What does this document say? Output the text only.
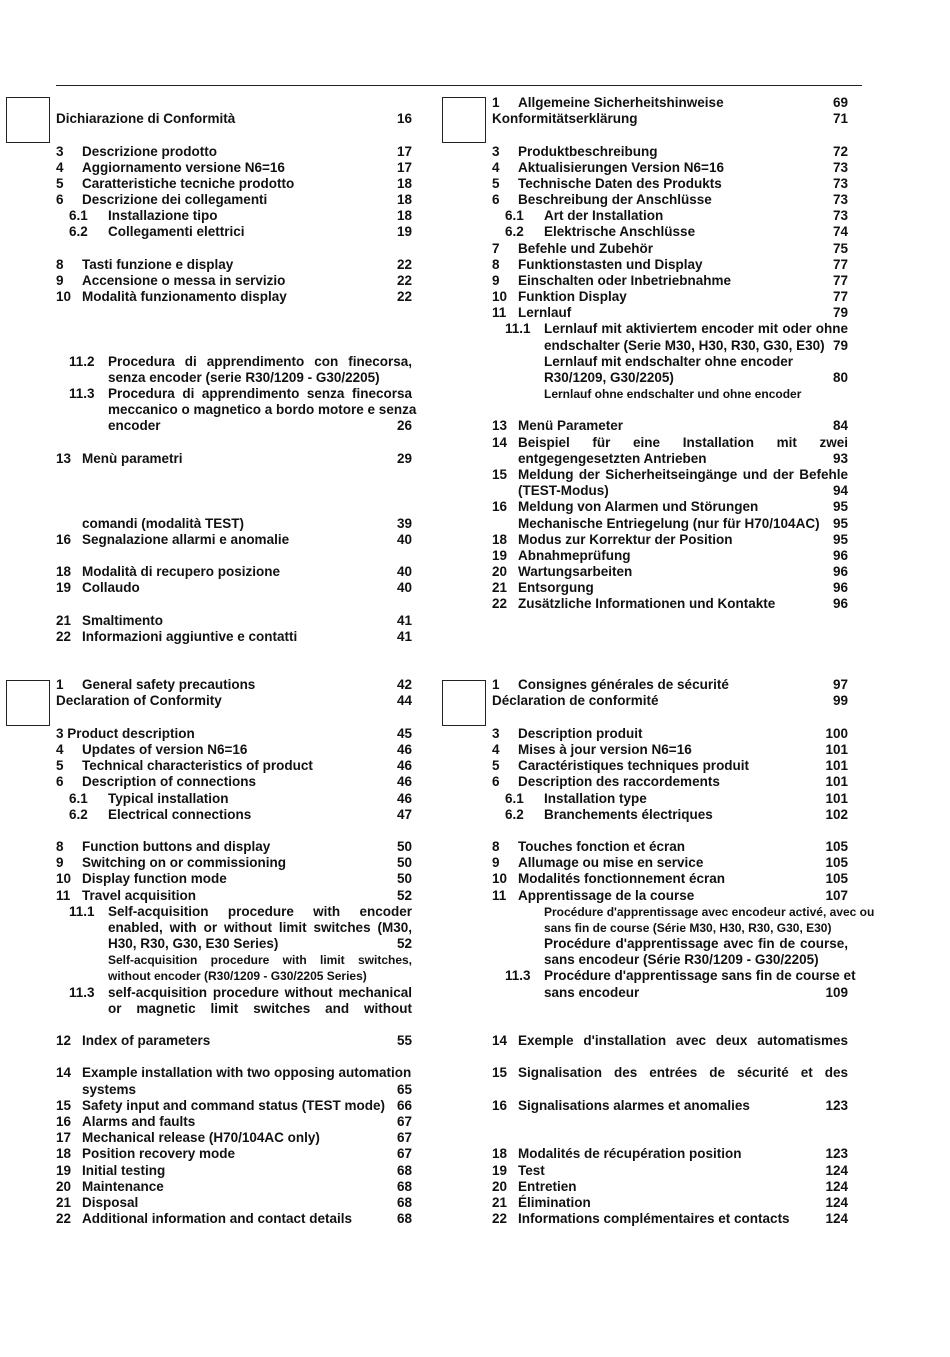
Dichiarazione di Conformità	16
3 Descrizione prodotto	17
4 Aggiornamento versione N6=16	17
5 Caratteristiche tecniche prodotto	18
6 Descrizione dei collegamenti	18
6.1 Installazione tipo	18
6.2 Collegamenti elettrici	19
8 Tasti funzione e display	22
9 Accensione o messa in servizio	22
10 Modalità funzionamento display	22
11.2 Procedura di apprendimento con finecorsa,
senza encoder (serie R30/1209 - G30/2205)
11.3 Procedura di apprendimento senza finecorsa
meccanico o magnetico a bordo motore e senza
encoder	26
13 Menù parametri	29
comandi (modalità TEST)	39
16 Segnalazione allarmi e anomalie	40
18 Modalità di recupero posizione	40
19 Collaudo	40
21 Smaltimento	41
22 Informazioni aggiuntive e contatti	41
1 Allgemeine Sicherheitshinweise	69
Konformitätserklärung	71
3 Produktbeschreibung	72
4 Aktualisierungen Version N6=16	73
5 Technische Daten des Produkts	73
6 Beschreibung der Anschlüsse	73
6.1 Art der Installation	73
6.2 Elektrische Anschlüsse	74
7 Befehle und Zubehör	75
8 Funktionstasten und Display	77
9 Einschalten oder Inbetriebnahme	77
10 Funktion Display	77
11 Lernlauf	79
11.1 Lernlauf mit aktiviertem encoder mit oder ohne
endschalter (Serie M30, H30, R30, G30, E30) 79
Lernlauf mit endschalter ohne encoder
R30/1209, G30/2205)	80
Lernlauf ohne endschalter und ohne encoder
13 Menü Parameter	84
14 Beispiel für eine Installation mit zwei
entgegengesetzten Antrieben	93
15 Meldung der Sicherheitseingänge und der Befehle
(TEST-Modus)	94
16 Meldung von Alarmen und Störungen	95
Mechanische Entriegelung (nur für H70/104AC) 95
18 Modus zur Korrektur der Position	95
19 Abnahmeprüfung	96
20 Wartungsarbeiten	96
21 Entsorgung	96
22 Zusätzliche Informationen und Kontakte	96
1 General safety precautions	42
Declaration of Conformity	44
3 Product description	45
4 Updates of version N6=16	46
5 Technical characteristics of product	46
6 Description of connections	46
6.1 Typical installation	46
6.2 Electrical connections	47
8 Function buttons and display	50
9 Switching on or commissioning	50
10 Display function mode	50
11 Travel acquisition	52
11.1 Self-acquisition procedure with encoder
enabled, with or without limit switches (M30,
H30, R30, G30, E30 Series)	52
Self-acquisition procedure with limit switches,
without encoder (R30/1209 - G30/2205 Series)
11.3 self-acquisition procedure without mechanical
or magnetic limit switches and without
12 Index of parameters	55
14 Example installation with two opposing automation
systems	65
15 Safety input and command status (TEST mode) 66
16 Alarms and faults	67
17 Mechanical release (H70/104AC only)	67
18 Position recovery mode	67
19 Initial testing	68
20 Maintenance	68
21 Disposal	68
22 Additional information and contact details	68
1 Consignes générales de sécurité	97
Déclaration de conformité	99
3 Description produit	100
4 Mises à jour version N6=16	101
5 Caractéristiques techniques produit	101
6 Description des raccordements	101
6.1 Installation type	101
6.2 Branchements électriques	102
8 Touches fonction et écran	105
9 Allumage ou mise en service	105
10 Modalités fonctionnement écran	105
11 Apprentissage de la course	107
Procédure d'apprentissage avec encodeur activé, avec ou
sans fin de course (Série M30, H30, R30, G30, E30)
Procédure d'apprentissage avec fin de course,
sans encodeur (Série R30/1209 - G30/2205)
11.3 Procédure d'apprentissage sans fin de course et
sans encodeur	109
14 Exemple d'installation avec deux automatismes
15 Signalisation des entrées de sécurité et des
16 Signalisations alarmes et anomalies	123
18 Modalités de récupération position	123
19 Test	124
20 Entretien	124
21 Élimination	124
22 Informations complémentaires et contacts	124
